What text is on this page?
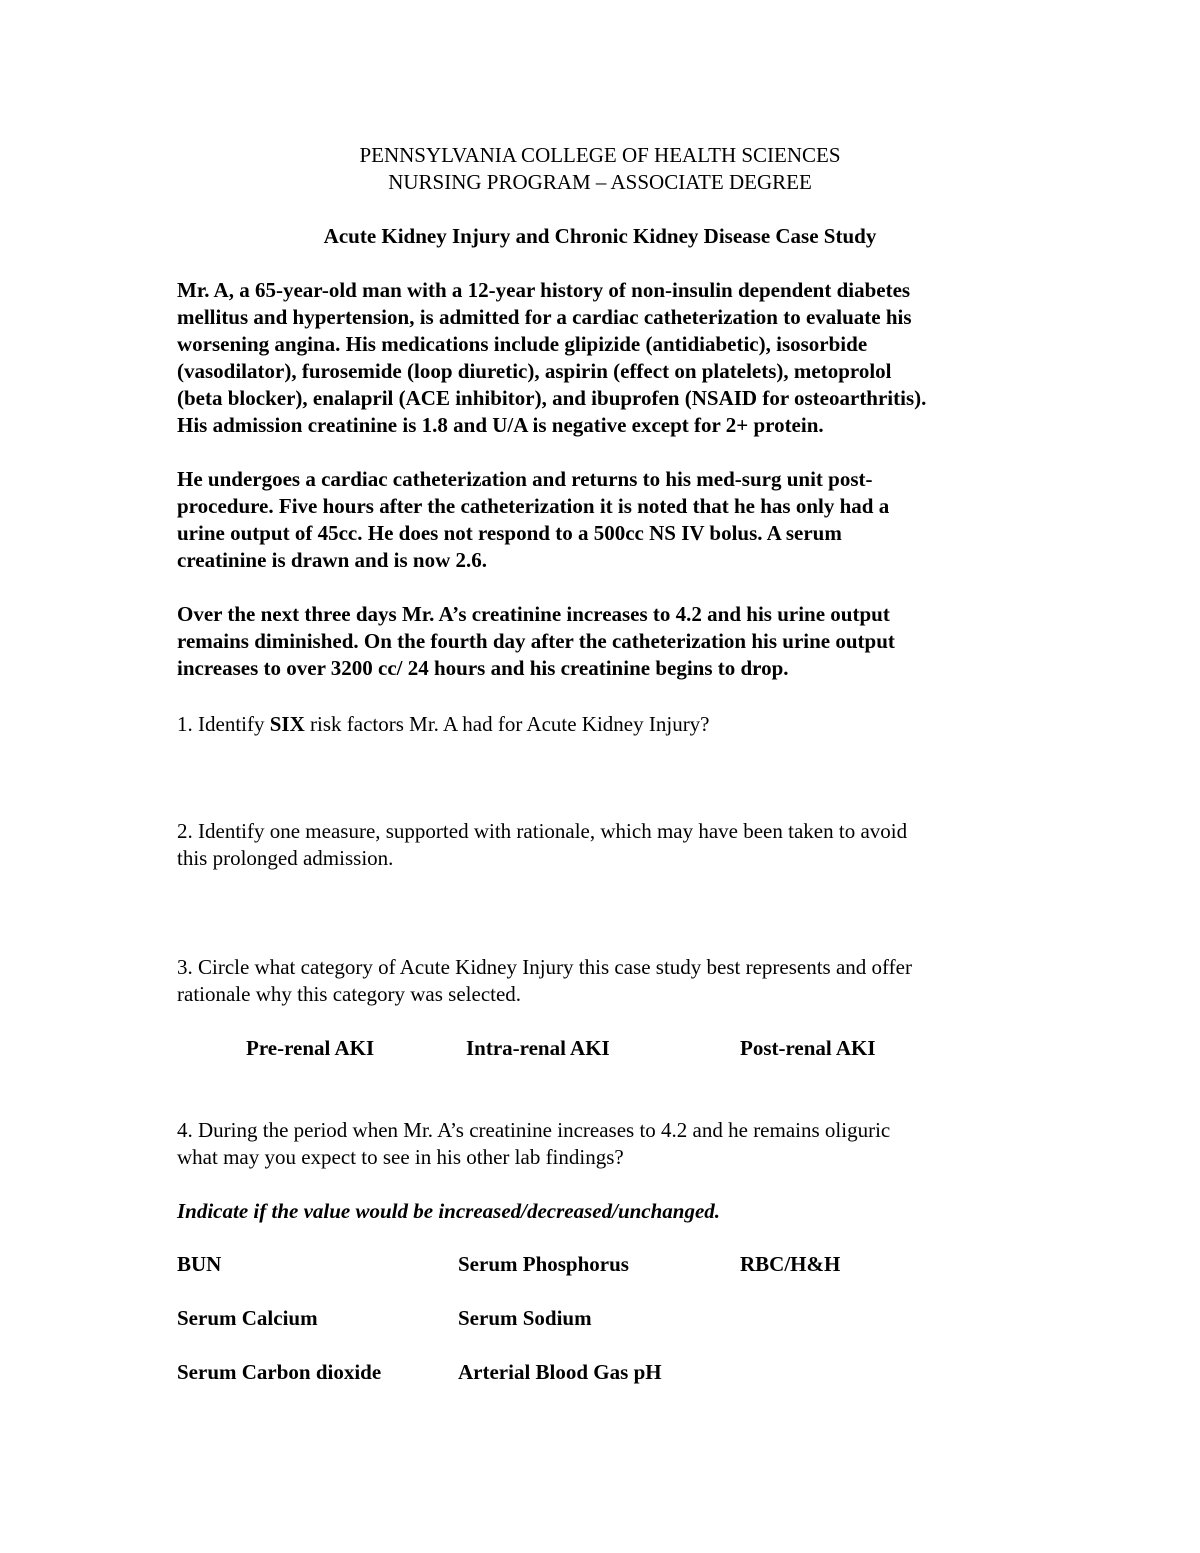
PENNSYLVANIA COLLEGE OF HEALTH SCIENCES
NURSING PROGRAM – ASSOCIATE DEGREE
Acute Kidney Injury and Chronic Kidney Disease Case Study
Mr. A, a 65-year-old man with a 12-year history of non-insulin dependent diabetes
mellitus and hypertension, is admitted for a cardiac catheterization to evaluate his
worsening angina. His medications include glipizide (antidiabetic), isosorbide
(vasodilator), furosemide (loop diuretic), aspirin (effect on platelets), metoprolol
(beta blocker), enalapril (ACE inhibitor), and ibuprofen (NSAID for osteoarthritis).
His admission creatinine is 1.8 and U/A is negative except for 2+ protein.
He undergoes a cardiac catheterization and returns to his med-surg unit post-
procedure. Five hours after the catheterization it is noted that he has only had a
urine output of 45cc. He does not respond to a 500cc NS IV bolus. A serum
creatinine is drawn and is now 2.6.
Over the next three days Mr. A’s creatinine increases to 4.2 and his urine output
remains diminished. On the fourth day after the catheterization his urine output
increases to over 3200 cc/ 24 hours and his creatinine begins to drop.
1. Identify SIX risk factors Mr. A had for Acute Kidney Injury?
2. Identify one measure, supported with rationale, which may have been taken to avoid
this prolonged admission.
3. Circle what category of Acute Kidney Injury this case study best represents and offer
rationale why this category was selected.
Pre-renal AKI	Intra-renal AKI	Post-renal AKI
4. During the period when Mr. A’s creatinine increases to 4.2 and he remains oliguric
what may you expect to see in his other lab findings?
Indicate if the value would be increased/decreased/unchanged.
BUN	Serum Phosphorus	RBC/H&H
Serum Calcium	Serum Sodium
Serum Carbon dioxide	Arterial Blood Gas pH
